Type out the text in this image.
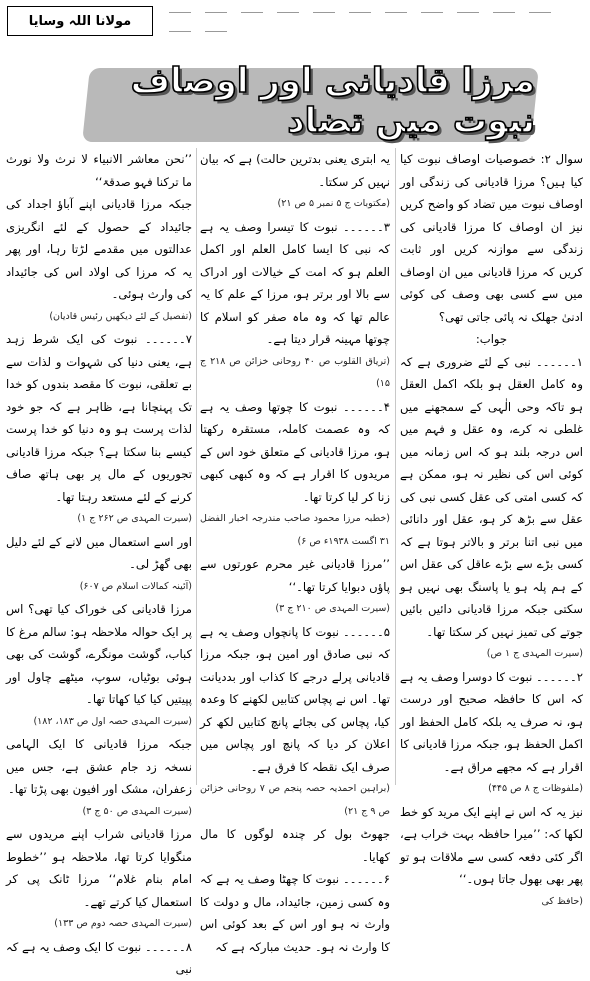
مولانا اللہ وسایا
مرزا قادیانی اور اوصاف نبوت میں تضاد

سوال ۲: خصوصیات اوصاف نبوت کیا کیا ہیں؟ مرزا قادیانی کی زندگی اور اوصاف نبوت میں تضاد کو واضح کریں نیز ان اوصاف کا مرزا قادیانی کی زندگی سے موازنہ کریں اور ثابت کریں کہ مرزا قادیانی میں ان اوصاف میں سے کسی بھی وصف کی کوئی ادنیٰ جھلک نہ پائی جاتی تھی؟

جواب:

۱۔۔۔۔۔۔ نبی کے لئے ضروری ہے کہ وہ کامل العقل ہو بلکہ اکمل العقل ہو تاکہ وحی الٰہی کے سمجھنے میں غلطی نہ کرے، وہ عقل و فہم میں اس درجہ بلند ہو کہ اس زمانہ میں کوئی اس کی نظیر نہ ہو، ممکن ہے کہ کسی امتی کی عقل کسی نبی کی عقل سے بڑھ کر ہو، عقل اور دانائی میں نبی اتنا برتر و بالاتر ہوتا ہے کہ کسی بڑے سے بڑے عاقل کی عقل اس کے ہم پلہ ہو یا پاسنگ بھی نہیں ہو سکتی جبکہ مرزا قادیانی دائیں بائیں جوتے کی تمیز نہیں کر سکتا تھا۔

(سیرت المہدی ج ۱ ص)

۲۔۔۔۔۔۔ نبوت کا دوسرا وصف یہ ہے کہ اس کا حافظہ صحیح اور درست ہو، نہ صرف یہ بلکہ کامل الحفظ اور اکمل الحفظ ہو، جبکہ مرزا قادیانی کا اقرار ہے کہ مجھے مراق ہے۔

(ملفوظات ج ۸ ص ۴۴۵)

نیز یہ کہ اس نے اپنے ایک مرید کو خط لکھا کہ: ’’میرا حافظہ بہت خراب ہے، اگر کئی دفعہ کسی سے ملاقات ہو تو پھر بھی بھول جاتا ہوں۔‘‘

(حافظ کی

یہ ابتری یعنی بدترین حالت) ہے کہ بیان نہیں کر سکتا۔

(مکتوبات ج ۵ نمبر ۵ ص ۲۱)

۳۔۔۔۔۔۔ نبوت کا تیسرا وصف یہ ہے کہ نبی کا ایسا کامل العلم اور اکمل العلم ہو کہ امت کے خیالات اور ادراک سے بالا اور برتر ہو، مرزا کے علم کا یہ عالم تھا کہ وہ ماہ صفر کو اسلام کا چوتھا مہینہ قرار دیتا ہے۔

(تریاق القلوب ص ۴۰ روحانی خزائن ص ۲۱۸ ج ۱۵)

۴۔۔۔۔۔۔ نبوت کا چوتھا وصف یہ ہے کہ وہ عصمت کاملہ، مستقرہ رکھتا ہو، مرزا قادیانی کے متعلق خود اس کے مریدوں کا اقرار ہے کہ وہ کبھی کبھی زنا کر لیا کرتا تھا۔

(خطبہ مرزا محمود صاحب مندرجہ اخبار الفضل ۳۱ اگست ۱۹۳۸ء ص ۶)

’’مرزا قادیانی غیر محرم عورتوں سے پاؤں دبوایا کرتا تھا۔‘‘

(سیرت المہدی ص ۲۱۰ ج ۳)

۵۔۔۔۔۔۔ نبوت کا پانچواں وصف یہ ہے کہ نبی صادق اور امین ہو، جبکہ مرزا قادیانی پرلے درجے کا کذاب اور بددیانت تھا۔ اس نے پچاس کتابیں لکھنے کا وعدہ کیا، پچاس کی بجائے پانچ کتابیں لکھ کر اعلان کر دیا کہ پانچ اور پچاس میں صرف ایک نقطہ کا فرق ہے۔

(براہین احمدیہ حصہ پنجم ص ۷ روحانی خزائن ص ۹ ج ۲۱)

جھوٹ بول کر چندہ لوگوں کا مال کھایا۔

۶۔۔۔۔۔۔ نبوت کا چھٹا وصف یہ ہے کہ وہ کسی زمین، جائیداد، مال و دولت کا وارث نہ ہو اور اس کے بعد کوئی اس کا وارث نہ ہو۔ حدیث مبارکہ ہے کہ

’’نحن معاشر الانبیاء لا نرث ولا نورث ما ترکنا فہو صدقۃ‘‘

جبکہ مرزا قادیانی اپنے آباؤ اجداد کی جائیداد کے حصول کے لئے انگریزی عدالتوں میں مقدمے لڑتا رہا، اور پھر یہ کہ مرزا کی اولاد اس کی جائیداد کی وارث ہوئی۔

(تفصیل کے لئے دیکھیں رئیس قادیان)

۷۔۔۔۔۔۔ نبوت کی ایک شرط زہد ہے، یعنی دنیا کی شہوات و لذات سے بے تعلقی، نبوت کا مقصد بندوں کو خدا تک پہنچانا ہے، ظاہر ہے کہ جو خود لذات پرست ہو وہ دنیا کو خدا پرست کیسے بنا سکتا ہے؟ جبکہ مرزا قادیانی تجوریوں کے مال پر بھی ہاتھ صاف کرنے کے لئے مستعد رہتا تھا۔

(سیرت المہدی ص ۲۶۲ ج ۱)

اور اسے استعمال میں لانے کے لئے دلیل بھی گھڑ لی۔

(آئینہ کمالات اسلام ص ۶۰۷)

مرزا قادیانی کی خوراک کیا تھی؟ اس پر ایک حوالہ ملاحظہ ہو: سالم مرغ کا کباب، گوشت مونگرے، گوشت کی بھی ہوئی بوٹیاں، سوپ، میٹھے چاول اور پپیتیں کیا کیا کھاتا تھا۔

(سیرت المہدی حصہ اول ص ۱۸۳، ۱۸۲)

جبکہ مرزا قادیانی کا ایک الہامی نسخہ زد جام عشق ہے، جس میں زعفران، مشک اور افیون بھی پڑتا تھا۔

(سیرت المہدی ص ۵۰ ج ۳)

مرزا قادیانی شراب اپنے مریدوں سے منگوایا کرتا تھا، ملاحظہ ہو ’’خطوط امام بنام غلام‘‘ مرزا ٹانک پی کر استعمال کیا کرتے تھے۔

(سیرت المہدی حصہ دوم ص ۱۳۳)

۸۔۔۔۔۔۔ نبوت کا ایک وصف یہ ہے کہ نبی
